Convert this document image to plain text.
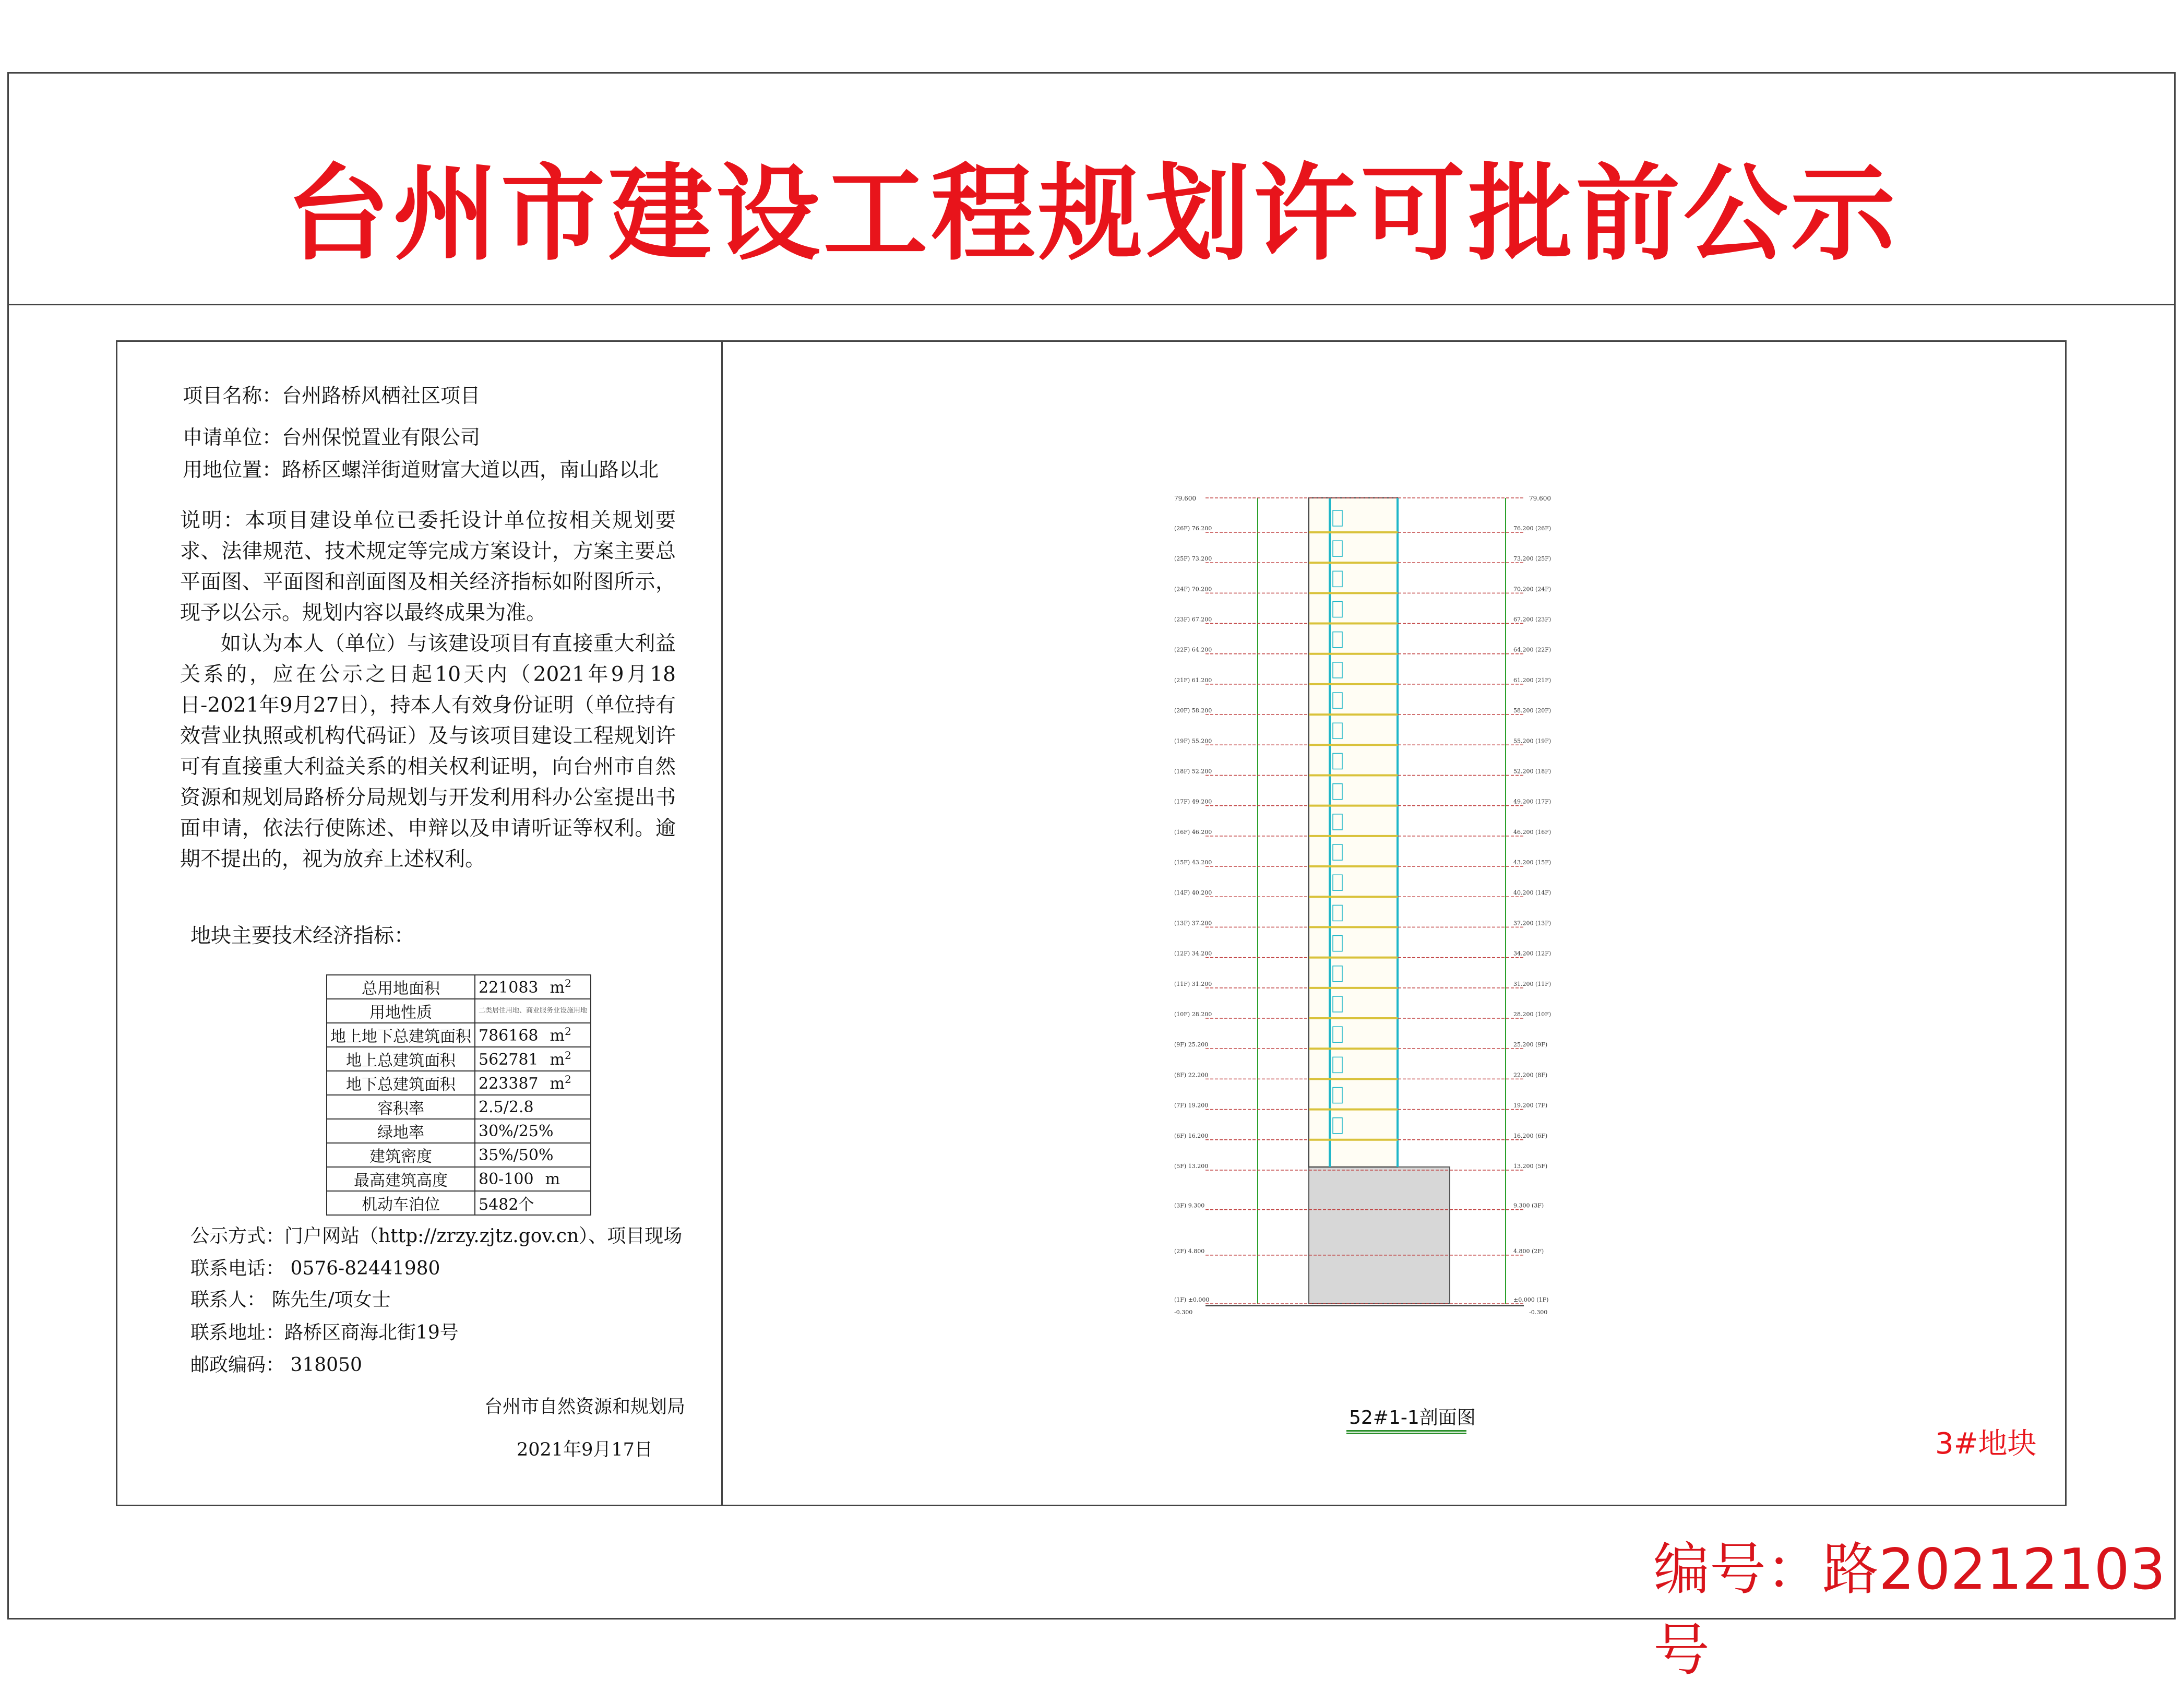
台州市建设工程规划许可批前公示
项目名称：台州路桥风栖社区项目
申请单位：台州保悦置业有限公司
用地位置：路桥区螺洋街道财富大道以西，南山路以北

说明：本项目建设单位已委托设计单位按相关规划要求、法律规范、技术规定等完成方案设计，方案主要总平面图、平面图和剖面图及相关经济指标如附图所示，现予以公示。规划内容以最终成果为准。

如认为本人（单位）与该建设项目有直接重大利益关系的，应在公示之日起10天内（2021年9月18日-2021年9月27日），持本人有效身份证明（单位持有效营业执照或机构代码证）及与该项目建设工程规划许可有直接重大利益关系的相关权利证明，向台州市自然资源和规划局路桥分局规划与开发利用科办公室提出书面申请，依法行使陈述、申辩以及申请听证等权利。逾期不提出的，视为放弃上述权利。

地块主要技术经济指标：
总用地面积	221083 $m^2$
用地性质	二类居住用地、商业服务业设施用地
地上地下总建筑面积	786168 $m^2$
地上总建筑面积	562781 $m^2$
地下总建筑面积	223387 $m^2$
容积率	2.5/2.8
绿地率	30%/25%
建筑密度	35%/50%
最高建筑高度	80-100 m
机动车泊位	5482个
公示方式：门户网站（http://zrzy.zjtz.gov.cn）、项目现场
联系电话： 0576-82441980
联系人： 陈先生/项女士
联系地址：路桥区商海北街19号
邮政编码： 318050
台州市自然资源和规划局
2021年9月17日
79.600	79.600
(26F) 76.200	76.200 (26F)
(25F) 73.200	73.200 (25F)
(24F) 70.200	70.200 (24F)
(23F) 67.200	67.200 (23F)
(22F) 64.200	64.200 (22F)
(21F) 61.200	61.200 (21F)
(20F) 58.200	58.200 (20F)
(19F) 55.200	55.200 (19F)
(18F) 52.200	52.200 (18F)
(17F) 49.200	49.200 (17F)
(16F) 46.200	46.200 (16F)
(15F) 43.200	43.200 (15F)
(14F) 40.200	40.200 (14F)
(13F) 37.200	37.200 (13F)
(12F) 34.200	34.200 (12F)
(11F) 31.200	31.200 (11F)
(10F) 28.200	28.200 (10F)
(9F) 25.200	25.200 (9F)
(8F) 22.200	22.200 (8F)
(7F) 19.200	19.200 (7F)
(6F) 16.200	16.200 (6F)
(5F) 13.200	13.200 (5F)
(3F) 9.300	9.300 (3F)
(2F) 4.800	4.800 (2F)
(1F) ±0.000	±0.000 (1F)
-0.300	-0.300
52#1-1剖面图
3#地块
编号：路20212103号
